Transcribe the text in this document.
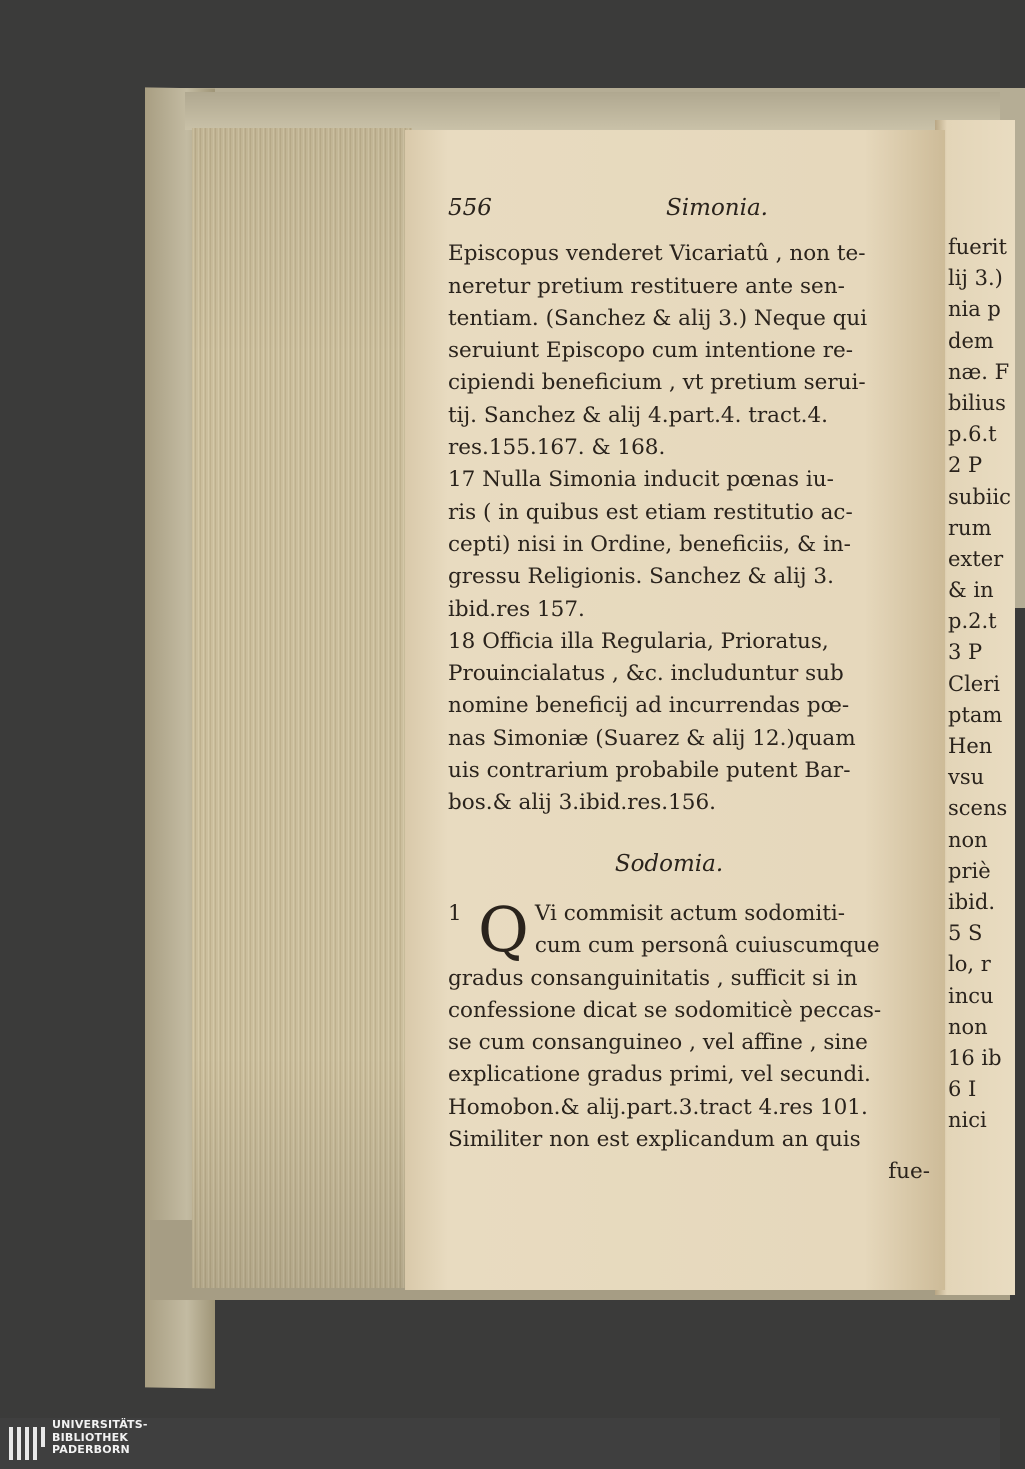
556	Simonia.
Episcopus venderet Vicariatû , non te-
neretur pretium restituere ante sen-
tentiam. (Sanchez & alij 3.) Neque qui
seruiunt Episcopo cum intentione re-
cipiendi beneficium , vt pretium serui-
tij. Sanchez & alij 4.part.4. tract.4.
res.155.167. & 168.
17 Nulla Simonia inducit pœnas iu-
ris ( in quibus est etiam restitutio ac-
cepti) nisi in Ordine, beneficiis, & in-
gressu Religionis. Sanchez & alij 3.
ibid.res 157.
18 Officia illa Regularia, Prioratus,
Prouincialatus , &c. includuntur sub
nomine beneficij ad incurrendas pœ-
nas Simoniæ (Suarez & alij 12.)quam
uis contrarium probabile putent Bar-
bos.& alij 3.ibid.res.156.
Sodomia.
1 Q Vi commisit actum sodomiti-
cum cum personâ cuiuscumque
gradus consanguinitatis , sufficit si in
confessione dicat se sodomiticè peccas-
se cum consanguineo , vel affine , sine
explicatione gradus primi, vel secundi.
Homobon.& alij.part.3.tract 4.res 101.
Similiter non est explicandum an quis
fue-
fuerit
lij 3.)
nia p
dem
næ. F
bilius
p.6.t
2 P
subiic
rum
exter
& in
p.2.t
3 P
Cleri
ptam
Hen
vsu
scens
non
priè
ibid.
5 S
lo, r
incu
non
16 ib
6 I
nici
UNIVERSITÄTS-
BIBLIOTHEK
PADERBORN
